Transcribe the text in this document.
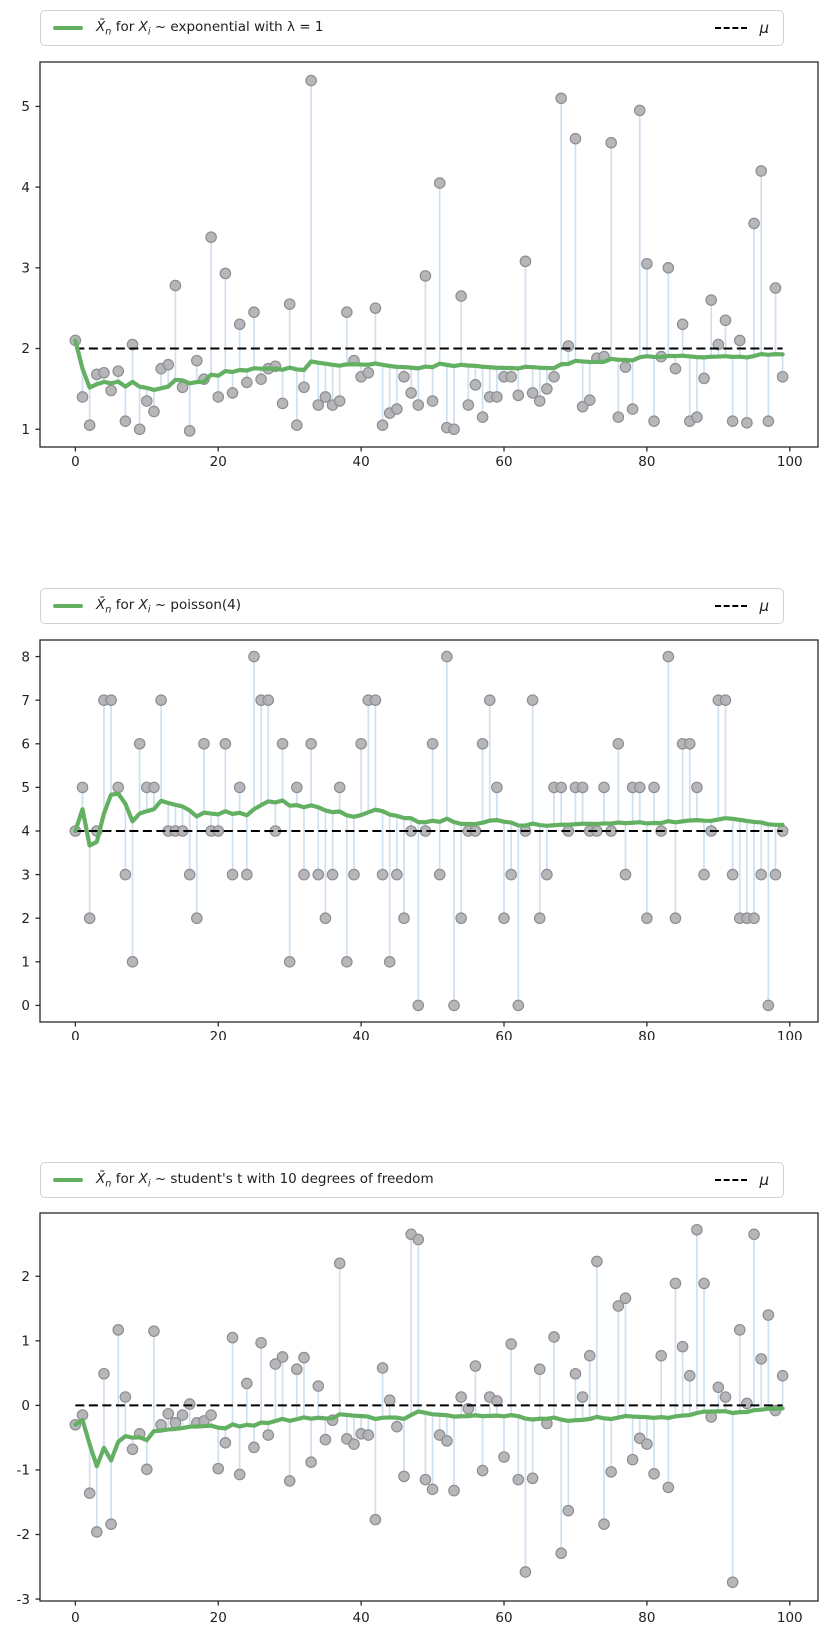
$X̄_n$ for $X_i$ ~ exponential with λ = 1	μ
0	20	40	60	80	100
1
2
3
4
5
$X̄_n$ for $X_i$ ~ poisson(4)	μ
0	20	40	60	80	100
0
1
2
3
4
5
6
7
8
$X̄_n$ for $X_i$ ~ student's t with 10 degrees of freedom	μ
0	20	40	60	80	100
-3
-2
-1
0
1
2
